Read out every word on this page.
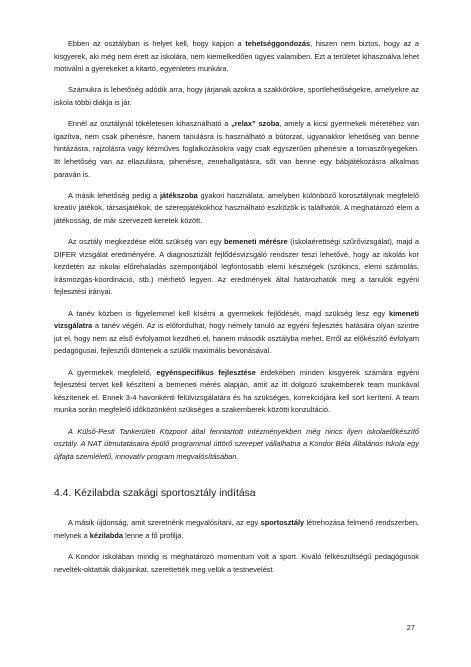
Ebben az osztályban is helyet kell, hogy kapjon a tehetséggondozás, hiszen nem biztos, hogy az a kisgyerek, aki még nem érett az iskolára, nem kiemelkedően ügyes valamiben. Ezt a területet kihasználva lehet motiválni a gyerekeket a kitartó, egyenletes munkára.

Számukra is lehetőség adódik arra, hogy járjanak azokra a szakkörökre, sportlehetőségekre, amelyekre az iskola többi diákja is jár.

Ennél az osztálynál tökéletesen kihasználható a „relax” szoba, amely a kicsi gyermekek méretéhez van igazítva, nem csak pihenésre, hanem tanulásra is használható a bútorzat, ugyanakkor lehetőség van benne hintázásra, rajzolásra vagy kézműves foglalkozásokra vagy csak egyszerűen pihenésre a tornaszőnyegeken. Itt lehetőség van az ellazulásra, pihenésre, zenehallgatásra, sőt van benne egy bábjátékozásra alkalmas paraván is.

A másik lehetőség pedig a játékszoba gyakori használata, amelyben különböző korosztálynak megfelelő kreatív játékok, társasjátékok, de szerepjátékokhoz használható eszközök is találhatók. A meghatározó elem a játékosság, de már szervezett keretek között.

Az osztály megkezdése előtt szükség van egy bemeneti mérésre (iskolaérettségi szűrővizsgálat), majd a DIFER vizsgálat eredményére. A diagnosztizált fejlődésvizsgáló rendszer teszi lehetővé, hogy az iskolás kor kezdetén az iskolai előrehaladás szempontjából legfontosabb elemi készségek (szókincs, elemi számolás, írásmozgás-koordináció, stb.) mérhető legyen. Az eredmények által határozhatók meg a tanulók egyéni fejlesztési irányai.

A tanév közben is figyelemmel kell kísérni a gyermekek fejlődését, majd szükség lesz egy kimeneti vizsgálatra a tanév végén. Az is előfordulhat, hogy némely tanuló az egyéni fejlesztés hatására olyan szintre jut el, hogy nem az első évfolyamot kezdheti el, hanem második osztályba mehet. Erről az előkészítő évfolyam pedagógusai, fejlesztői döntenek a szülők maximális bevonásával.

A gyermekek megfelelő, egyénspecifikus fejlesztése érdekében minden kisgyerek számára egyéni fejlesztési tervet kell készíteni a bemeneti mérés alapján, amit az itt dolgozó szakemberek team munkával készítenek el. Ennek 3-4 havonkénti felülvizsgálatára és ha szükséges, korrekciójára kell sort keríteni. A team munka során megfelelő időközönként szükséges a szakemberek közötti konzultáció.

A Külső-Pesti Tankerületi Központ által fenntartott intézményekben még nincs ilyen iskolaelőkészítő osztály. A NAT útmutatásaira épülő programmal úttörő szerepet vállalhatna a Kondor Béla Általános Iskola egy újfajta szemléletű, innovatív program megvalósításában.

4.4. Kézilabda szakági sportosztály indítása

A másik újdonság, amit szeretnénk megvalósítani, az egy sportosztály létrehozása felmenő rendszerben, melynek a kézilabda lenne a fő profilja.

A Kondor iskolában mindig is meghatározó momentum volt a sport. Kiváló felkészültségű pedagógusok nevelték-oktatták diákjainkat, szerettették meg velük a testnevelést.

27
